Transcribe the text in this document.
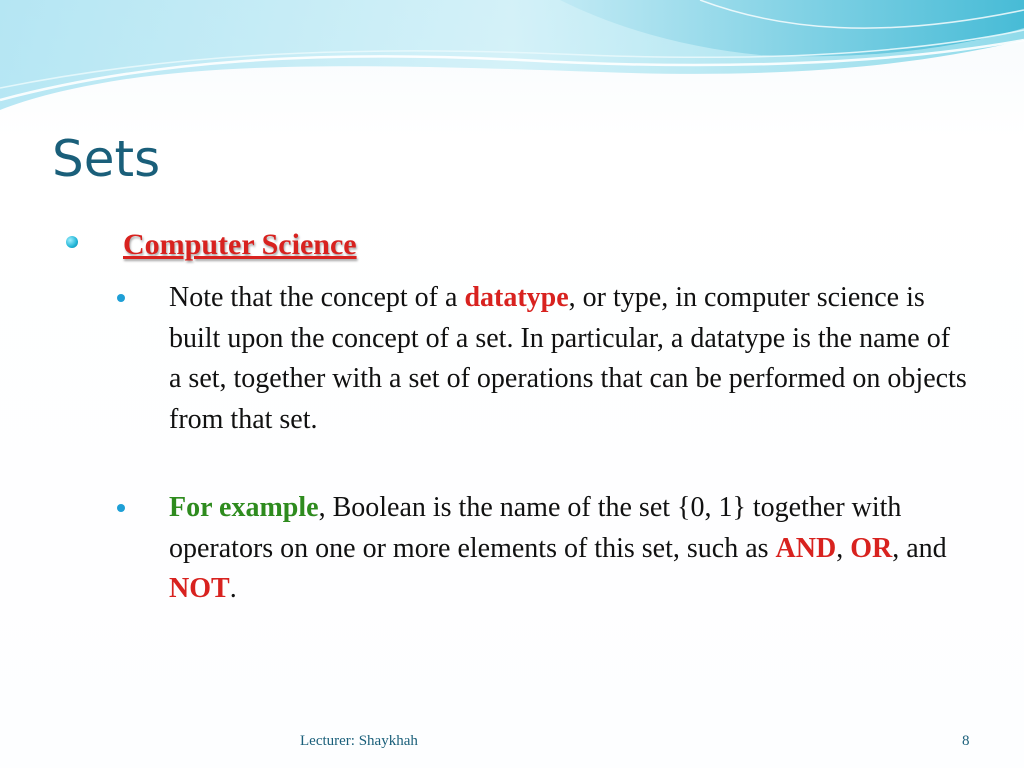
Sets
Computer Science
Note that the concept of a datatype, or type, in computer science is built upon the concept of a set. In particular, a datatype is the name of a set, together with a set of operations that can be performed on objects from that set.
For example, Boolean is the name of the set {0, 1} together with operators on one or more elements of this set, such as AND, OR, and NOT.
Lecturer: Shaykhah	8
